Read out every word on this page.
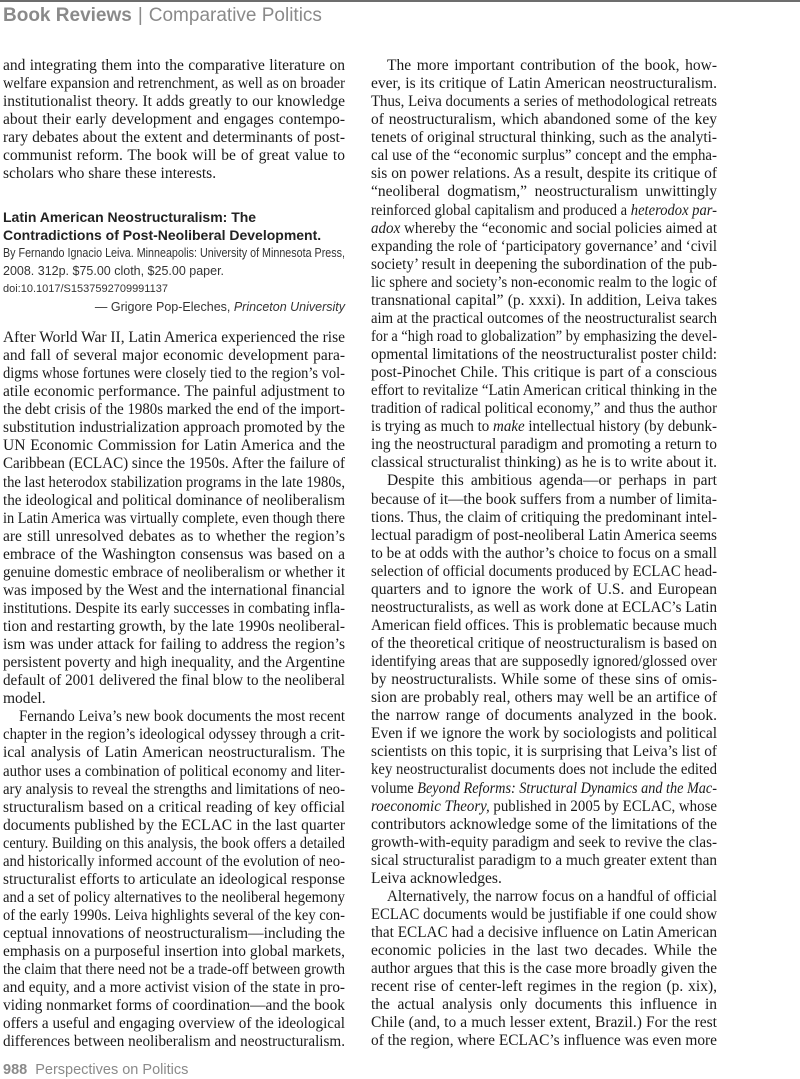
Book Reviews | Comparative Politics
and integrating them into the comparative literature on
welfare expansion and retrenchment, as well as on broader
institutionalist theory. It adds greatly to our knowledge
about their early development and engages contempo-
rary debates about the extent and determinants of post-
communist reform. The book will be of great value to
scholars who share these interests.
Latin American Neostructuralism: The
Contradictions of Post-Neoliberal Development.
By Fernando Ignacio Leiva. Minneapolis: University of Minnesota Press,
2008. 312p. $75.00 cloth, $25.00 paper.
doi:10.1017/S1537592709991137
— Grigore Pop-Eleches, Princeton University
After World War II, Latin America experienced the rise
and fall of several major economic development para-
digms whose fortunes were closely tied to the region’s vol-
atile economic performance. The painful adjustment to
the debt crisis of the 1980s marked the end of the import-
substitution industrialization approach promoted by the
UN Economic Commission for Latin America and the
Caribbean (ECLAC) since the 1950s. After the failure of
the last heterodox stabilization programs in the late 1980s,
the ideological and political dominance of neoliberalism
in Latin America was virtually complete, even though there
are still unresolved debates as to whether the region’s
embrace of the Washington consensus was based on a
genuine domestic embrace of neoliberalism or whether it
was imposed by the West and the international financial
institutions. Despite its early successes in combating infla-
tion and restarting growth, by the late 1990s neoliberal-
ism was under attack for failing to address the region’s
persistent poverty and high inequality, and the Argentine
default of 2001 delivered the final blow to the neoliberal
model.
Fernando Leiva’s new book documents the most recent
chapter in the region’s ideological odyssey through a crit-
ical analysis of Latin American neostructuralism. The
author uses a combination of political economy and liter-
ary analysis to reveal the strengths and limitations of neo-
structuralism based on a critical reading of key official
documents published by the ECLAC in the last quarter
century. Building on this analysis, the book offers a detailed
and historically informed account of the evolution of neo-
structuralist efforts to articulate an ideological response
and a set of policy alternatives to the neoliberal hegemony
of the early 1990s. Leiva highlights several of the key con-
ceptual innovations of neostructuralism—including the
emphasis on a purposeful insertion into global markets,
the claim that there need not be a trade-off between growth
and equity, and a more activist vision of the state in pro-
viding nonmarket forms of coordination—and the book
offers a useful and engaging overview of the ideological
differences between neoliberalism and neostructuralism.
The more important contribution of the book, how-
ever, is its critique of Latin American neostructuralism.
Thus, Leiva documents a series of methodological retreats
of neostructuralism, which abandoned some of the key
tenets of original structural thinking, such as the analyti-
cal use of the “economic surplus” concept and the empha-
sis on power relations. As a result, despite its critique of
“neoliberal dogmatism,” neostructuralism unwittingly
reinforced global capitalism and produced a heterodox par-
adox whereby the “economic and social policies aimed at
expanding the role of ‘participatory governance’ and ‘civil
society’ result in deepening the subordination of the pub-
lic sphere and society’s non-economic realm to the logic of
transnational capital” (p. xxxi). In addition, Leiva takes
aim at the practical outcomes of the neostructuralist search
for a “high road to globalization” by emphasizing the devel-
opmental limitations of the neostructuralist poster child:
post-Pinochet Chile. This critique is part of a conscious
effort to revitalize “Latin American critical thinking in the
tradition of radical political economy,” and thus the author
is trying as much to make intellectual history (by debunk-
ing the neostructural paradigm and promoting a return to
classical structuralist thinking) as he is to write about it.
Despite this ambitious agenda—or perhaps in part
because of it—the book suffers from a number of limita-
tions. Thus, the claim of critiquing the predominant intel-
lectual paradigm of post-neoliberal Latin America seems
to be at odds with the author’s choice to focus on a small
selection of official documents produced by ECLAC head-
quarters and to ignore the work of U.S. and European
neostructuralists, as well as work done at ECLAC’s Latin
American field offices. This is problematic because much
of the theoretical critique of neostructuralism is based on
identifying areas that are supposedly ignored/glossed over
by neostructuralists. While some of these sins of omis-
sion are probably real, others may well be an artifice of
the narrow range of documents analyzed in the book.
Even if we ignore the work by sociologists and political
scientists on this topic, it is surprising that Leiva’s list of
key neostructuralist documents does not include the edited
volume Beyond Reforms: Structural Dynamics and the Mac-
roeconomic Theory, published in 2005 by ECLAC, whose
contributors acknowledge some of the limitations of the
growth-with-equity paradigm and seek to revive the clas-
sical structuralist paradigm to a much greater extent than
Leiva acknowledges.
Alternatively, the narrow focus on a handful of official
ECLAC documents would be justifiable if one could show
that ECLAC had a decisive influence on Latin American
economic policies in the last two decades. While the
author argues that this is the case more broadly given the
recent rise of center-left regimes in the region (p. xix),
the actual analysis only documents this influence in
Chile (and, to a much lesser extent, Brazil.) For the rest
of the region, where ECLAC’s influence was even more
988 Perspectives on Politics
